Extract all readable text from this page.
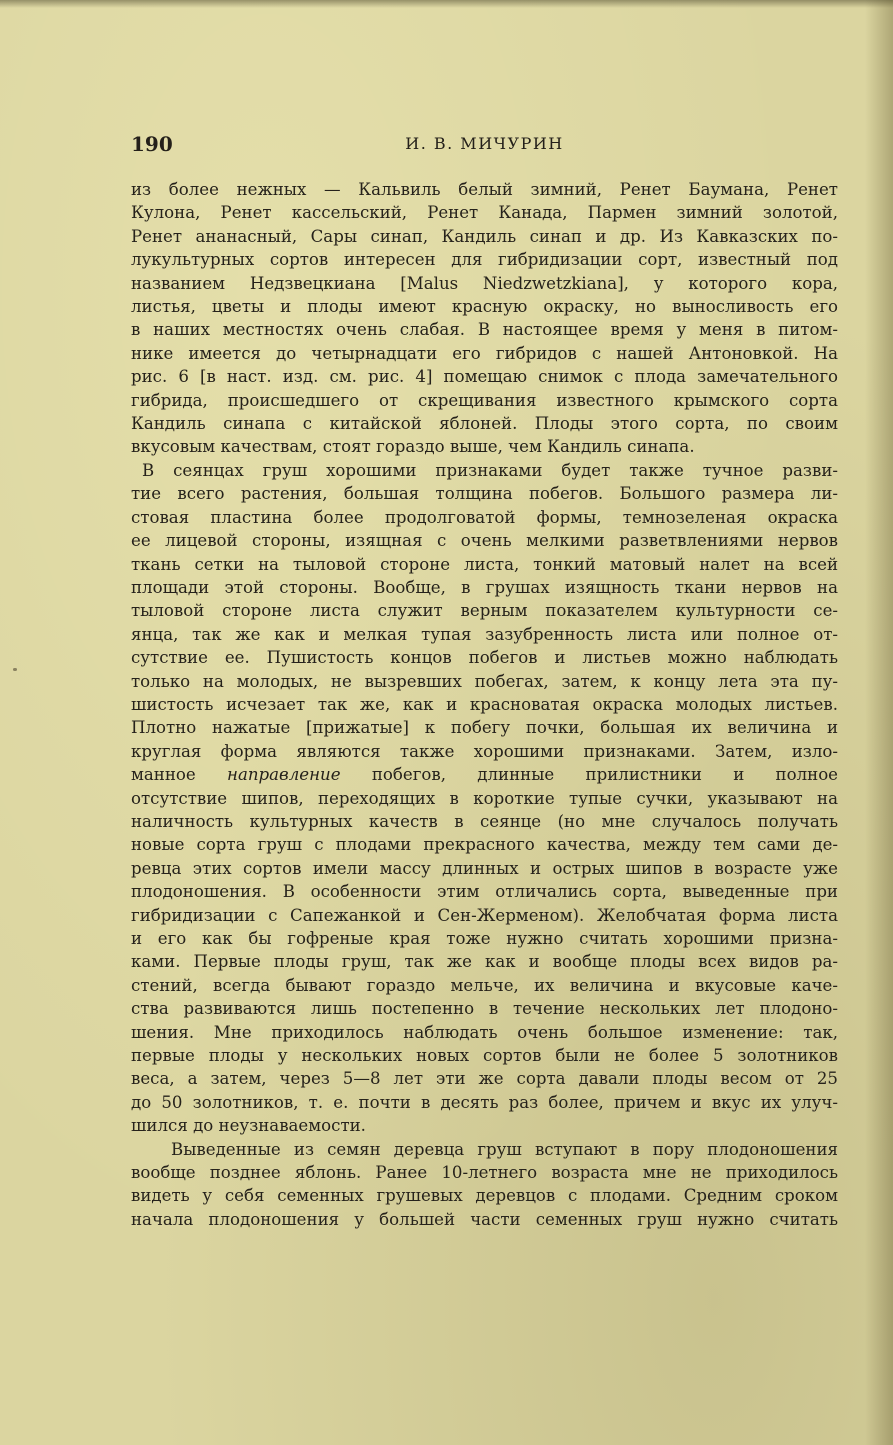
190	И. В. МИЧУРИН

из более нежных — Кальвиль белый зимний, Ренет Баумана, Ренет

Кулона, Ренет кассельский, Ренет Канада, Пармен зимний золотой,

Ренет ананасный, Сары синап, Кандиль синап и др. Из Кавказских по-

лукультурных сортов интересен для гибридизации сорт, известный под

названием Недзвецкиана [Malus Niedzwetzkiana], у которого кора,

листья, цветы и плоды имеют красную окраску, но выносливость его

в наших местностях очень слабая. В настоящее время у меня в питом-

нике имеется до четырнадцати его гибридов с нашей Антоновкой. На

рис. 6 [в наст. изд. см. рис. 4] помещаю снимок с плода замечательного

гибрида, происшедшего от скрещивания известного крымского сорта

Кандиль синапа с китайской яблоней. Плоды этого сорта, по своим

вкусовым качествам, стоят гораздо выше, чем Кандиль синапа.

В сеянцах груш хорошими признаками будет также тучное разви-

тие всего растения, большая толщина побегов. Большого размера ли-

стовая пластина более продолговатой формы, темнозеленая окраска

ее лицевой стороны, изящная с очень мелкими разветвлениями нервов

ткань сетки на тыловой стороне листа, тонкий матовый налет на всей

площади этой стороны. Вообще, в грушах изящность ткани нервов на

тыловой стороне листа служит верным показателем культурности се-

янца, так же как и мелкая тупая зазубренность листа или полное от-

сутствие ее. Пушистость концов побегов и листьев можно наблюдать

только на молодых, не вызревших побегах, затем, к концу лета эта пу-

шистость исчезает так же, как и красноватая окраска молодых листьев.

Плотно нажатые [прижатые] к побегу почки, большая их величина и

круглая форма являются также хорошими признаками. Затем, изло-

манное направление побегов, длинные прилистники и полное

отсутствие шипов, переходящих в короткие тупые сучки, указывают на

наличность культурных качеств в сеянце (но мне случалось получать

новые сорта груш с плодами прекрасного качества, между тем сами де-

ревца этих сортов имели массу длинных и острых шипов в возрасте уже

плодоношения. В особенности этим отличались сорта, выведенные при

гибридизации с Сапежанкой и Сен-Жерменом). Желобчатая форма листа

и его как бы гофреные края тоже нужно считать хорошими призна-

ками. Первые плоды груш, так же как и вообще плоды всех видов ра-

стений, всегда бывают гораздо мельче, их величина и вкусовые каче-

ства развиваются лишь постепенно в течение нескольких лет плодоно-

шения. Мне приходилось наблюдать очень большое изменение: так,

первые плоды у нескольких новых сортов были не более 5 золотников

веса, а затем, через 5—8 лет эти же сорта давали плоды весом от 25

до 50 золотников, т. е. почти в десять раз более, причем и вкус их улуч-

шился до неузнаваемости.

Выведенные из семян деревца груш вступают в пору плодоношения

вообще позднее яблонь. Ранее 10-летнего возраста мне не приходилось

видеть у себя семенных грушевых деревцов с плодами. Средним сроком

начала плодоношения у большей части семенных груш нужно считать
